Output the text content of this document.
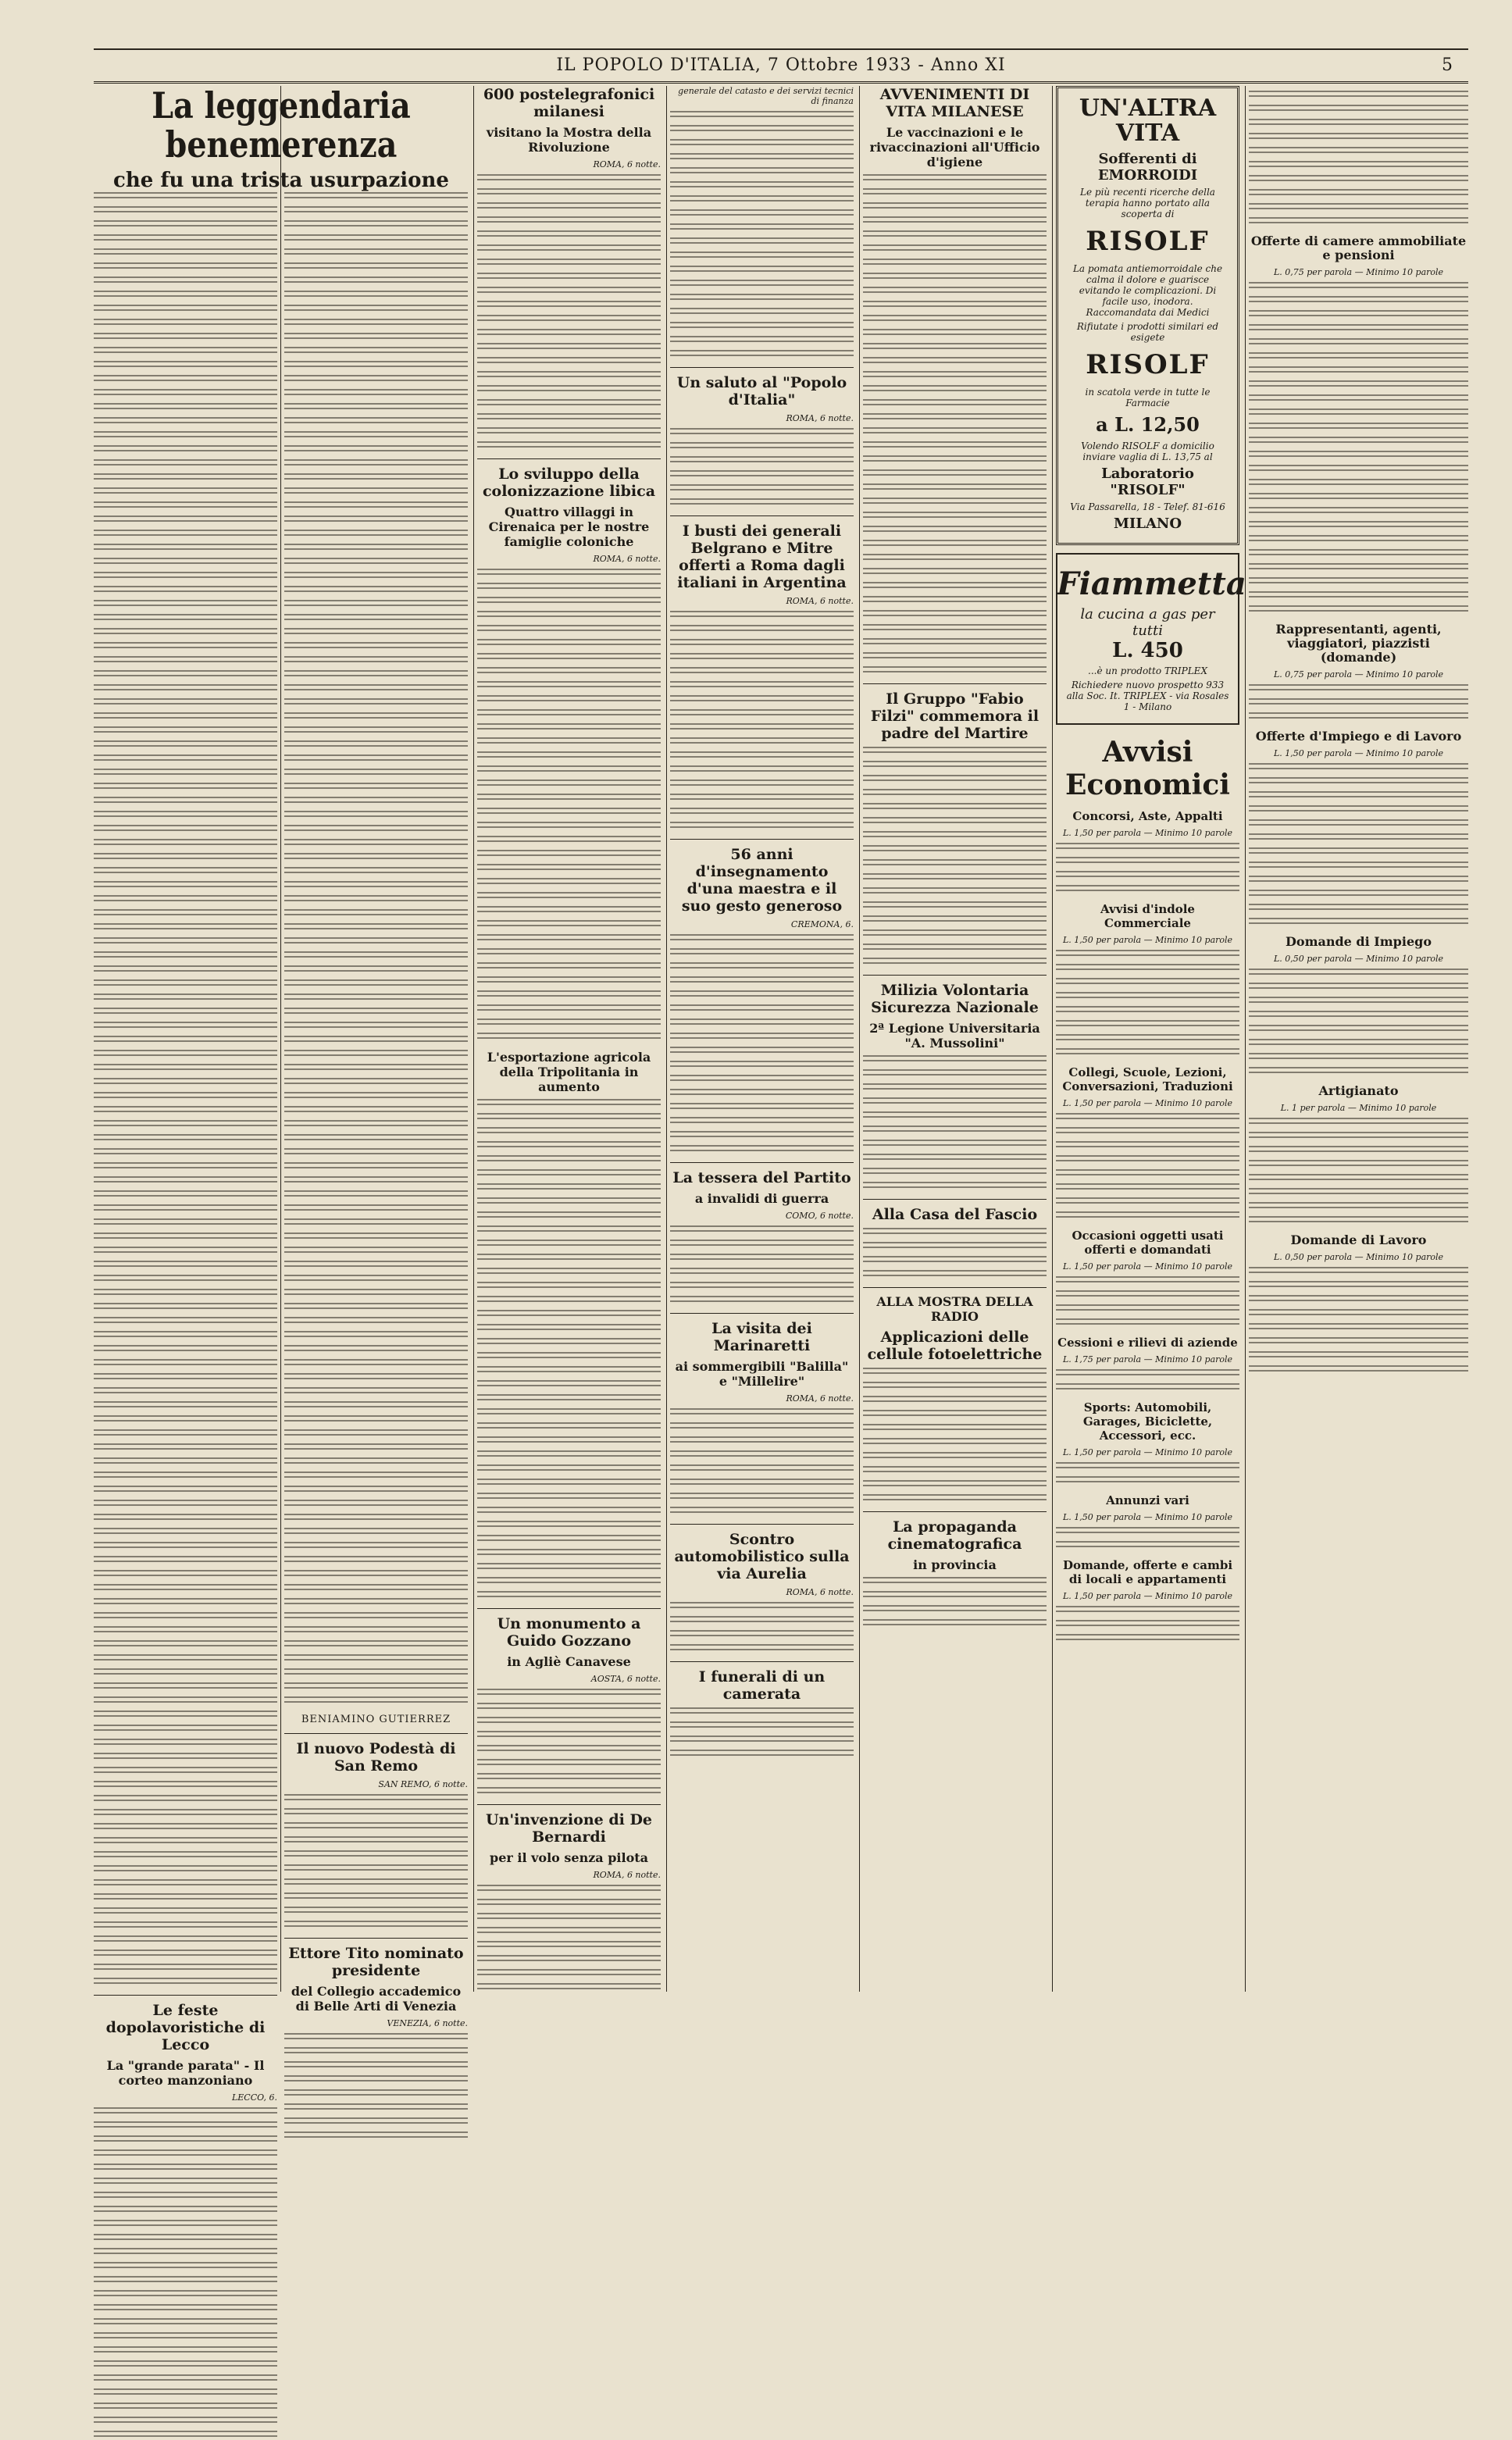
IL POPOLO D'ITALIA, 7 Ottobre 1933 - Anno XI	5
La leggendaria benemerenza
che fu una trista usurpazione
Le feste dopolavoristiche di Lecco
La "grande parata" - Il corteo manzoniano
LECCO, 6.
BENIAMINO GUTIERREZ
Il nuovo Podestà di San Remo
SAN REMO, 6 notte.
Ettore Tito nominato presidente
del Collegio accademico di Belle Arti di Venezia
VENEZIA, 6 notte.
600 postelegrafonici milanesi
visitano la Mostra della Rivoluzione
ROMA, 6 notte.
Lo sviluppo della colonizzazione libica
Quattro villaggi in Cirenaica per le nostre famiglie coloniche
ROMA, 6 notte.
L'esportazione agricola della Tripolitania in aumento
Un monumento a Guido Gozzano
in Agliè Canavese
AOSTA, 6 notte.
Un'invenzione di De Bernardi
per il volo senza pilota
ROMA, 6 notte.
generale del catasto e dei servizi tecnici di finanza
Un saluto al "Popolo d'Italia"
ROMA, 6 notte.
I busti dei generali Belgrano e Mitre offerti a Roma dagli italiani in Argentina
ROMA, 6 notte.
56 anni d'insegnamento d'una maestra e il suo gesto generoso
CREMONA, 6.
La tessera del Partito
a invalidi di guerra
COMO, 6 notte.
La visita dei Marinaretti
ai sommergibili "Balilla" e "Millelire"
ROMA, 6 notte.
Scontro automobilistico sulla via Aurelia
ROMA, 6 notte.
I funerali di un camerata
AVVENIMENTI DI VITA MILANESE
Le vaccinazioni e le rivaccinazioni all'Ufficio d'igiene
Il Gruppo "Fabio Filzi" commemora il padre del Martire
Milizia Volontaria Sicurezza Nazionale
2ª Legione Universitaria "A. Mussolini"
Alla Casa del Fascio
ALLA MOSTRA DELLA RADIO
Applicazioni delle cellule fotoelettriche
La propaganda cinematografica
in provincia
UN'ALTRA VITA
Sofferenti di EMORROIDI
Le più recenti ricerche della terapia hanno portato alla scoperta di
RISOLF
La pomata antiemorroidale che calma il dolore e guarisce evitando le complicazioni. Di facile uso, inodora. Raccomandata dai Medici
Rifiutate i prodotti similari ed esigete
RISOLF
in scatola verde in tutte le Farmacie
a L. 12,50
Volendo RISOLF a domicilio inviare vaglia di L. 13,75 al
Laboratorio "RISOLF"
Via Passarella, 18 - Telef. 81-616
MILANO
Fiammetta
la cucina a gas per tutti
L. 450
...è un prodotto TRIPLEX
Richiedere nuovo prospetto 933 alla Soc. It. TRIPLEX - via Rosales 1 - Milano
Avvisi Economici
Concorsi, Aste, Appalti
L. 1,50 per parola — Minimo 10 parole
Avvisi d'indole Commerciale
L. 1,50 per parola — Minimo 10 parole
Collegi, Scuole, Lezioni, Conversazioni, Traduzioni
L. 1,50 per parola — Minimo 10 parole
Occasioni oggetti usati offerti e domandati
L. 1,50 per parola — Minimo 10 parole
Cessioni e rilievi di aziende
L. 1,75 per parola — Minimo 10 parole
Sports: Automobili, Garages, Biciclette, Accessori, ecc.
L. 1,50 per parola — Minimo 10 parole
Annunzi vari
L. 1,50 per parola — Minimo 10 parole
Domande, offerte e cambi di locali e appartamenti
L. 1,50 per parola — Minimo 10 parole
Offerte di camere ammobiliate e pensioni
L. 0,75 per parola — Minimo 10 parole
Rappresentanti, agenti, viaggiatori, piazzisti (domande)
L. 0,75 per parola — Minimo 10 parole
Offerte d'Impiego e di Lavoro
L. 1,50 per parola — Minimo 10 parole
Domande di Impiego
L. 0,50 per parola — Minimo 10 parole
Artigianato
L. 1 per parola — Minimo 10 parole
Domande di Lavoro
L. 0,50 per parola — Minimo 10 parole
